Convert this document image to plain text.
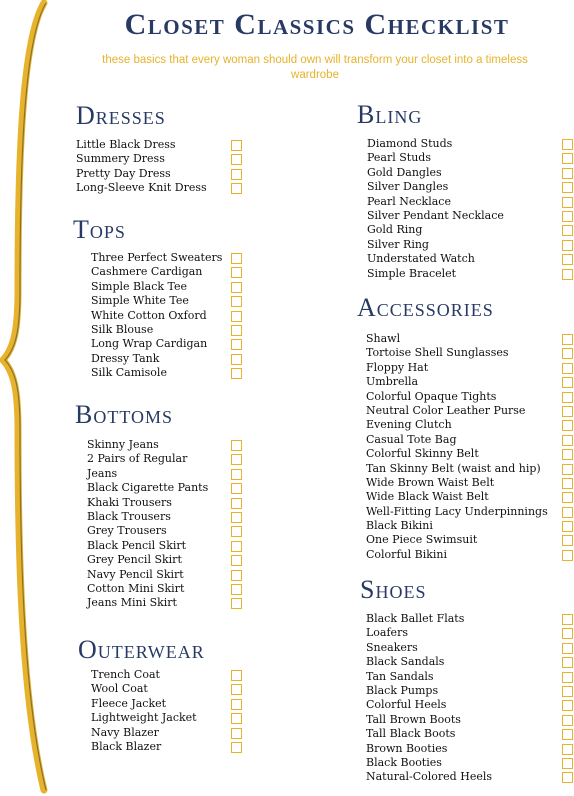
Closet Classics Checklist

these basics that every woman should own will transform your closet into a timeless wardrobe

Dresses
Little Black Dress
Summery Dress
Pretty Day Dress
Long-Sleeve Knit Dress
Tops
Three Perfect Sweaters
Cashmere Cardigan
Simple Black Tee
Simple White Tee
White Cotton Oxford
Silk Blouse
Long Wrap Cardigan
Dressy Tank
Silk Camisole
Bottoms
Skinny Jeans
2 Pairs of Regular
Jeans
Black Cigarette Pants
Khaki Trousers
Black Trousers
Grey Trousers
Black Pencil Skirt
Grey Pencil Skirt
Navy Pencil Skirt
Cotton Mini Skirt
Jeans Mini Skirt
Outerwear
Trench Coat
Wool Coat
Fleece Jacket
Lightweight Jacket
Navy Blazer
Black Blazer
Bling
Diamond Studs
Pearl Studs
Gold Dangles
Silver Dangles
Pearl Necklace
Silver Pendant Necklace
Gold Ring
Silver Ring
Understated Watch
Simple Bracelet
Accessories
Shawl
Tortoise Shell Sunglasses
Floppy Hat
Umbrella
Colorful Opaque Tights
Neutral Color Leather Purse
Evening Clutch
Casual Tote Bag
Colorful Skinny Belt
Tan Skinny Belt (waist and hip)
Wide Brown Waist Belt
Wide Black Waist Belt
Well-Fitting Lacy Underpinnings
Black Bikini
One Piece Swimsuit
Colorful Bikini
Shoes
Black Ballet Flats
Loafers
Sneakers
Black Sandals
Tan Sandals
Black Pumps
Colorful Heels
Tall Brown Boots
Tall Black Boots
Brown Booties
Black Booties
Natural-Colored Heels
